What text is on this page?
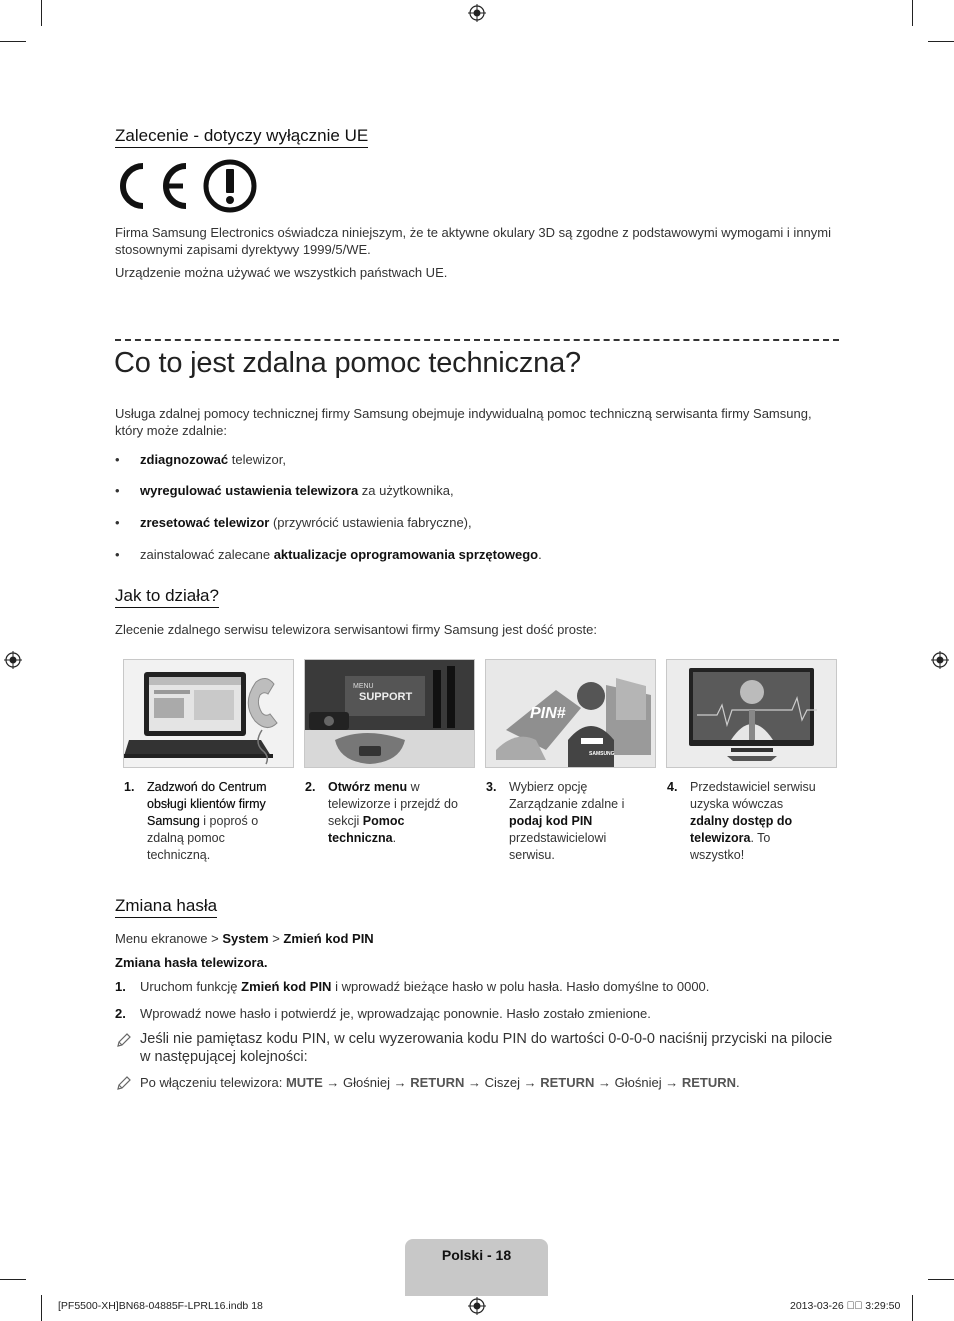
Zalecenie - dotyczy wyłącznie UE
Firma Samsung Electronics oświadcza niniejszym, że te aktywne okulary 3D są zgodne z podstawowymi wymogami i innymi stosownymi zapisami dyrektywy 1999/5/WE.
Urządzenie można używać we wszystkich państwach UE.
Co to jest zdalna pomoc techniczna?
Usługa zdalnej pomocy technicznej firmy Samsung obejmuje indywidualną pomoc techniczną serwisanta firmy Samsung, który może zdalnie:
• zdiagnozować telewizor,
• wyregulować ustawienia telewizora za użytkownika,
• zresetować telewizor (przywrócić ustawienia fabryczne),
• zainstalować zalecane aktualizacje oprogramowania sprzętowego.
Jak to działa?
Zlecenie zdalnego serwisu telewizora serwisantowi firmy Samsung jest dość proste:
MENU
SUPPORT
PIN#
SAMSUNG
1. Zadzwoń do Centrum obsługi klientów firmy Samsung i poproś o zdalną pomoc techniczną.
2. Otwórz menu w telewizorze i przejdź do sekcji Pomoc techniczna.
3. Wybierz opcję Zarządzanie zdalne i podaj kod PIN przedstawicielowi serwisu.
4. Przedstawiciel serwisu uzyska wówczas zdalny dostęp do telewizora. To wszystko!
Zmiana hasła
Menu ekranowe > System > Zmień kod PIN
Zmiana hasła telewizora.
1. Uruchom funkcję Zmień kod PIN i wprowadź bieżące hasło w polu hasła. Hasło domyślne to 0000.
2. Wprowadź nowe hasło i potwierdź je, wprowadzając ponownie. Hasło zostało zmienione.
Jeśli nie pamiętasz kodu PIN, w celu wyzerowania kodu PIN do wartości 0-0-0-0 naciśnij przyciski na pilocie w następującej kolejności:
Po włączeniu telewizora: MUTE → Głośniej → RETURN → Ciszej → RETURN → Głośniej → RETURN.
Polski - 18
[PF5500-XH]BN68-04885F-LPRL16.indb 18	2013-03-26 ￿￿ 3:29:50
